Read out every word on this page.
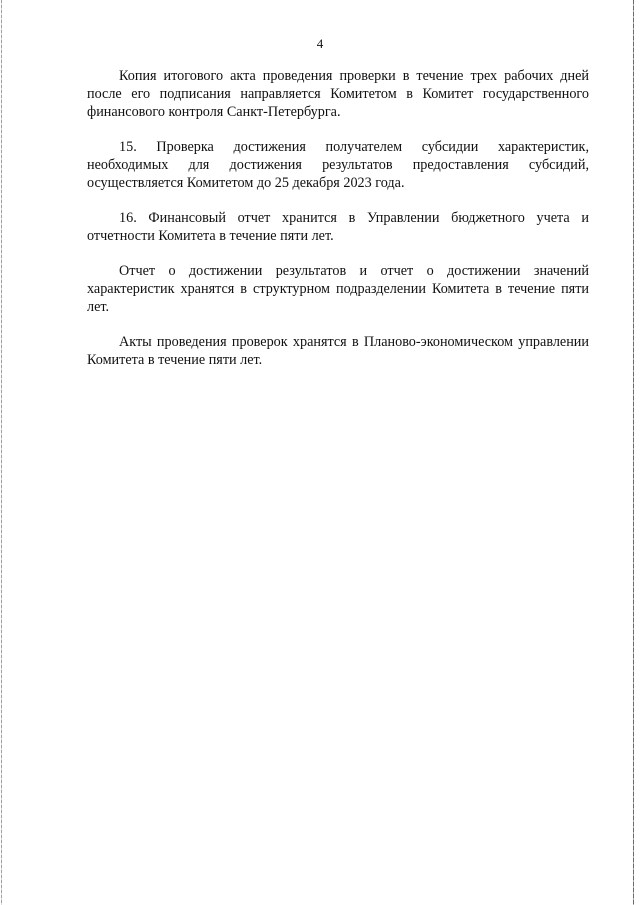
4

Копия итогового акта проведения проверки в течение трех рабочих дней после его подписания направляется Комитетом в Комитет государственного финансового контроля Санкт-Петербурга.

15. Проверка достижения получателем субсидии характеристик, необходимых для достижения результатов предоставления субсидий, осуществляется Комитетом до 25 декабря 2023 года.

16. Финансовый отчет хранится в Управлении бюджетного учета и отчетности Комитета в течение пяти лет.

Отчет о достижении результатов и отчет о достижении значений характеристик хранятся в структурном подразделении Комитета в течение пяти лет.

Акты проведения проверок хранятся в Планово-экономическом управлении Комитета в течение пяти лет.
